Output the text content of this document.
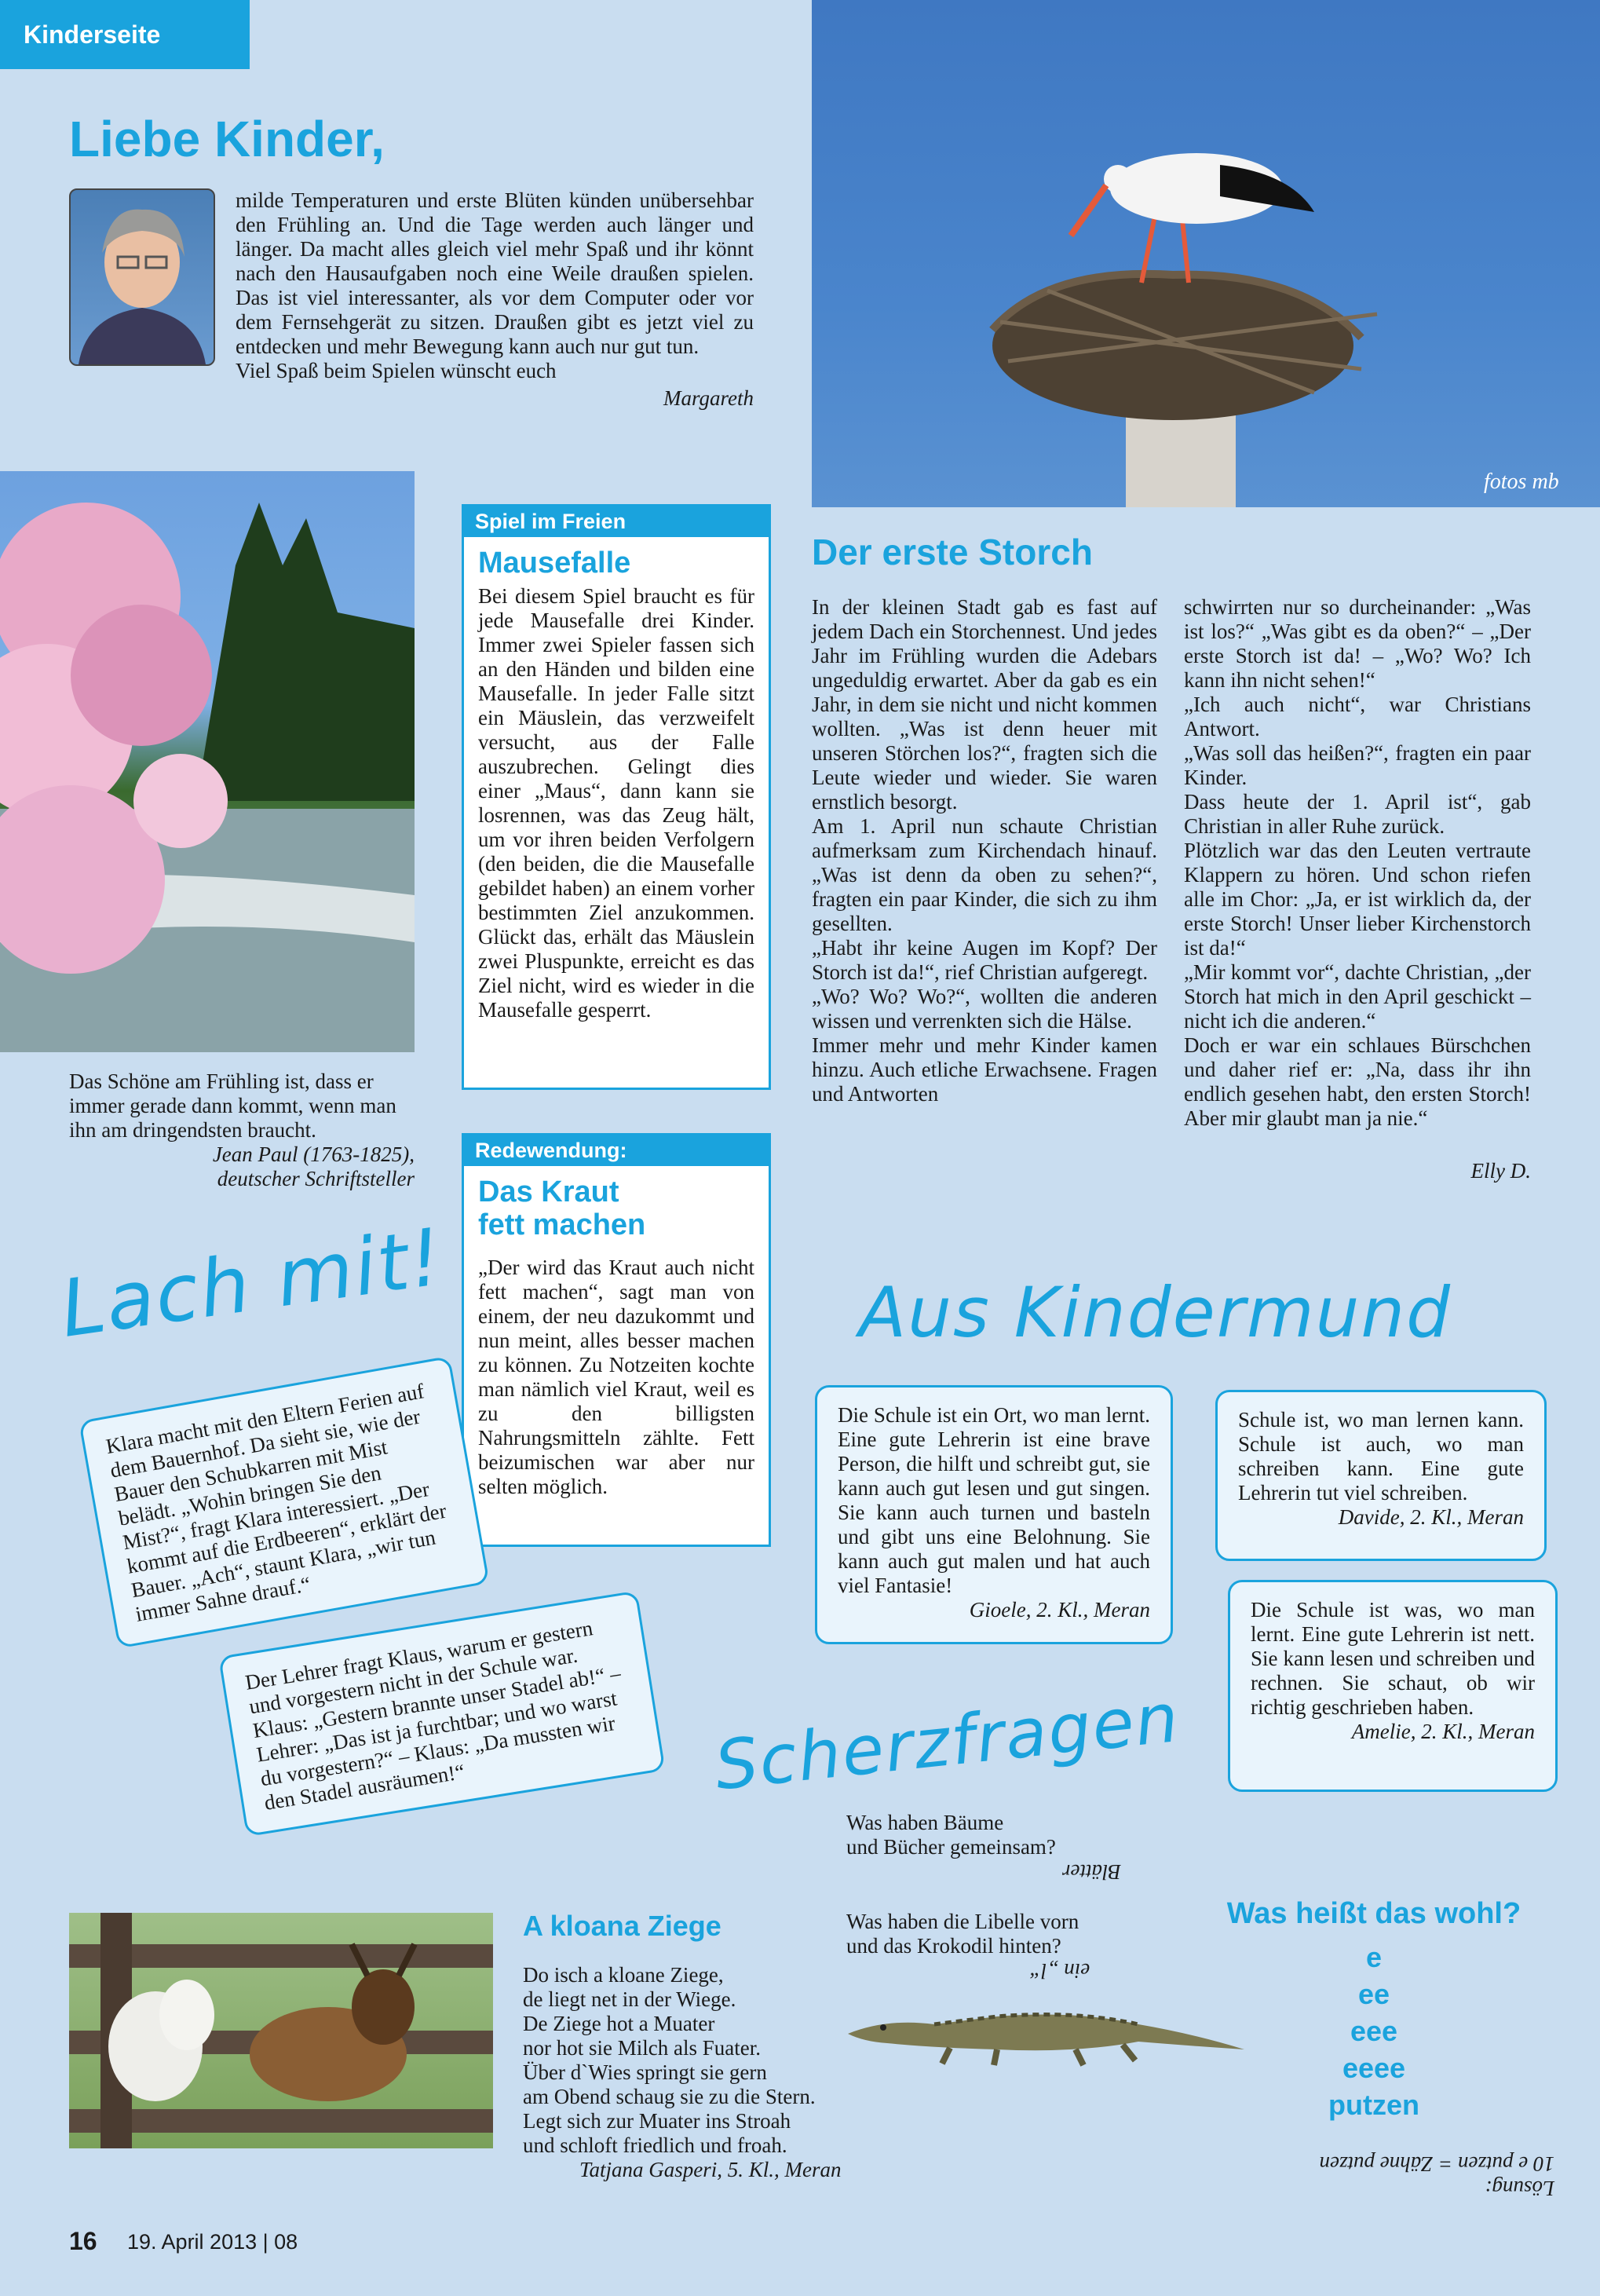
Kinderseite
Liebe Kinder,

milde Temperaturen und erste Blüten künden unübersehbar den Frühling an. Und die Tage werden auch länger und länger. Da macht alles gleich viel mehr Spaß und ihr könnt nach den Hausaufgaben noch eine Weile draußen spielen. Das ist viel interessanter, als vor dem Computer oder vor dem Fernsehgerät zu sitzen. Draußen gibt es jetzt viel zu entdecken und mehr Bewegung kann auch nur gut tun.

Viel Spaß beim Spielen wünscht euch

Margareth

fotos mb

Das Schöne am Frühling ist, dass er immer gerade dann kommt, wenn man ihn am dringendsten braucht.

Jean Paul (1763-1825),

deutscher Schriftsteller

Spiel im Freien
Mausefalle
Bei diesem Spiel braucht es für jede Mausefalle drei Kinder. Immer zwei Spieler fassen sich an den Händen und bilden eine Mausefalle. In jeder Falle sitzt ein Mäuslein, das verzweifelt versucht, aus der Falle auszubrechen. Gelingt dies einer „Maus“, dann kann sie losrennen, was das Zeug hält, um vor ihren beiden Verfolgern (den beiden, die die Mausefalle gebildet haben) an einem vorher bestimmten Ziel anzukommen. Glückt das, erhält das Mäuslein zwei Pluspunkte, erreicht es das Ziel nicht, wird es wieder in die Mausefalle gesperrt.
Redewendung:
Das Kraut
fett machen
„Der wird das Kraut auch nicht fett machen“, sagt man von einem, der neu dazukommt und nun meint, alles besser machen zu können. Zu Notzeiten kochte man nämlich viel Kraut, weil es zu den billigsten Nahrungsmitteln zählte. Fett beizumischen war aber nur selten möglich.
Der erste Storch
In der kleinen Stadt gab es fast auf jedem Dach ein Storchennest. Und jedes Jahr im Frühling wurden die Adebars ungeduldig erwartet. Aber da gab es ein Jahr, in dem sie nicht und nicht kommen wollten. „Was ist denn heuer mit unseren Störchen los?“, fragten sich die Leute wieder und wieder. Sie waren ernstlich besorgt.
Am 1. April nun schaute Christian aufmerksam zum Kirchendach hinauf. „Was ist denn da oben zu sehen?“, fragten ein paar Kinder, die sich zu ihm gesellten.
„Habt ihr keine Augen im Kopf? Der Storch ist da!“, rief Christian aufgeregt.
„Wo? Wo? Wo?“, wollten die anderen wissen und verrenkten sich die Hälse.
Immer mehr und mehr Kinder kamen hinzu. Auch etliche Erwachsene. Fragen und Antworten
schwirrten nur so durcheinander: „Was ist los?“ „Was gibt es da oben?“ – „Der erste Storch ist da! – „Wo? Wo? Ich kann ihn nicht sehen!“
„Ich auch nicht“, war Christians Antwort.
„Was soll das heißen?“, fragten ein paar Kinder.
Dass heute der 1. April ist“, gab Christian in aller Ruhe zurück.
Plötzlich war das den Leuten vertraute Klappern zu hören. Und schon riefen alle im Chor: „Ja, er ist wirklich da, der erste Storch! Unser lieber Kirchenstorch ist da!“
„Mir kommt vor“, dachte Christian, „der Storch hat mich in den April geschickt – nicht ich die anderen.“
Doch er war ein schlaues Bürschchen und daher rief er: „Na, dass ihr ihn endlich gesehen habt, den ersten Storch! Aber mir glaubt man ja nie.“
Elly D.
Lach mit!
Klara macht mit den Eltern Ferien auf dem Bauernhof. Da sieht sie, wie der Bauer den Schubkarren mit Mist belädt. „Wohin bringen Sie den Mist?“, fragt Klara interessiert. „Der kommt auf die Erdbeeren“, erklärt der Bauer. „Ach“, staunt Klara, „wir tun immer Sahne drauf.“
Der Lehrer fragt Klaus, warum er gestern und vorgestern nicht in der Schule war. Klaus: „Gestern brannte unser Stadel ab!“ – Lehrer: „Das ist ja furchtbar; und wo warst du vorgestern?“ – Klaus: „Da mussten wir den Stadel ausräumen!“
Aus Kindermund
Die Schule ist ein Ort, wo man lernt. Eine gute Lehrerin ist eine brave Person, die hilft und schreibt gut, sie kann auch gut lesen und gut singen. Sie kann auch turnen und basteln und gibt uns eine Belohnung. Sie kann auch gut malen und hat auch viel Fantasie!
Gioele, 2. Kl., Meran
Schule ist, wo man lernen kann. Schule ist auch, wo man schreiben kann. Eine gute Lehrerin tut viel schreiben.
Davide, 2. Kl., Meran
Die Schule ist was, wo man lernt. Eine gute Lehrerin ist nett. Sie kann lesen und schreiben und rechnen. Sie schaut, ob wir richtig geschrieben haben.
Amelie, 2. Kl., Meran
Scherzfragen
Was haben Bäume
und Bücher gemeinsam?
Blätter
Was haben die Libelle vorn
und das Krokodil hinten?
ein „l“
A kloana Ziege
Do isch a kloane Ziege,
de liegt net in der Wiege.
De Ziege hot a Muater
nor hot sie Milch als Fuater.
Über d`Wies springt sie gern
am Obend schaug sie zu die Stern.
Legt sich zur Muater ins Stroah
und schloft friedlich und froah.
Tatjana Gasperi, 5. Kl., Meran
Was heißt das wohl?
e
ee
eee
eeee
putzen
Lösung:
10 e putzen = Zähne putzen
16 19. April 2013 | 08
